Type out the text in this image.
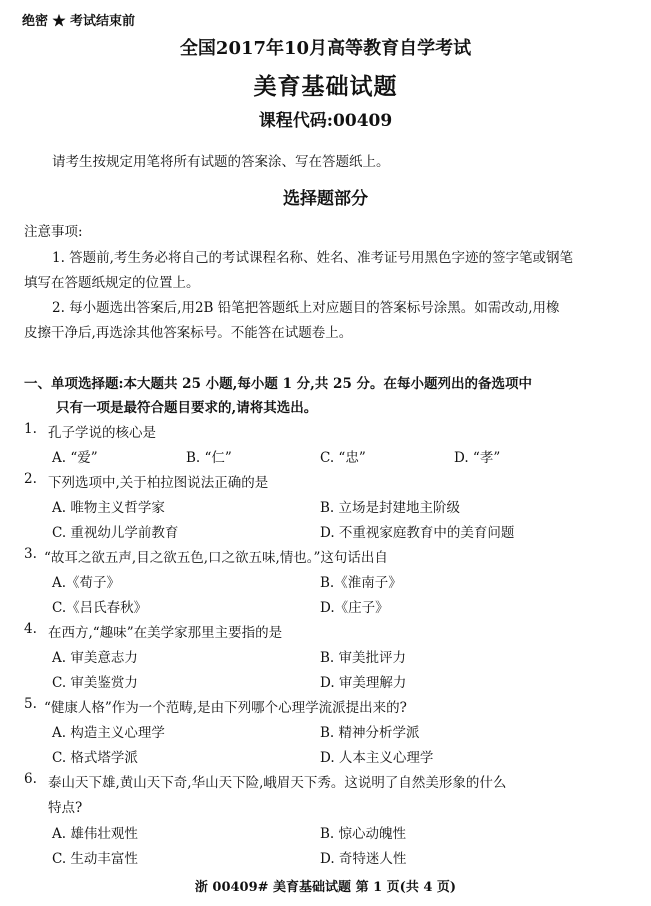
绝密 ★ 考试结束前
全国2017年10月高等教育自学考试
美育基础试题
课程代码:00409
请考生按规定用笔将所有试题的答案涂、写在答题纸上。
选择题部分
注意事项:
1. 答题前,考生务必将自己的考试课程名称、姓名、准考证号用黑色字迹的签字笔或钢笔
填写在答题纸规定的位置上。
2. 每小题选出答案后,用2B 铅笔把答题纸上对应题目的答案标号涂黑。如需改动,用橡
皮擦干净后,再选涂其他答案标号。不能答在试题卷上。
一、单项选择题:本大题共 25 小题,每小题 1 分,共 25 分。在每小题列出的备选项中
只有一项是最符合题目要求的,请将其选出。
1. 孔子学说的核心是
A. “爱”	B. “仁”	C. “忠”	D. “孝”
2. 下列选项中,关于柏拉图说法正确的是
A. 唯物主义哲学家	B. 立场是封建地主阶级
C. 重视幼儿学前教育	D. 不重视家庭教育中的美育问题
3. “故耳之欲五声,目之欲五色,口之欲五味,情也。”这句话出自
A.《荀子》	B.《淮南子》
C.《吕氏春秋》	D.《庄子》
4. 在西方,“趣味”在美学家那里主要指的是
A. 审美意志力	B. 审美批评力
C. 审美鉴赏力	D. 审美理解力
5. “健康人格”作为一个范畴,是由下列哪个心理学流派提出来的?
A. 构造主义心理学	B. 精神分析学派
C. 格式塔学派	D. 人本主义心理学
6. 泰山天下雄,黄山天下奇,华山天下险,峨眉天下秀。这说明了自然美形象的什么
特点?
A. 雄伟壮观性	B. 惊心动魄性
C. 生动丰富性	D. 奇特迷人性
浙 00409# 美育基础试题 第 1 页(共 4 页)
